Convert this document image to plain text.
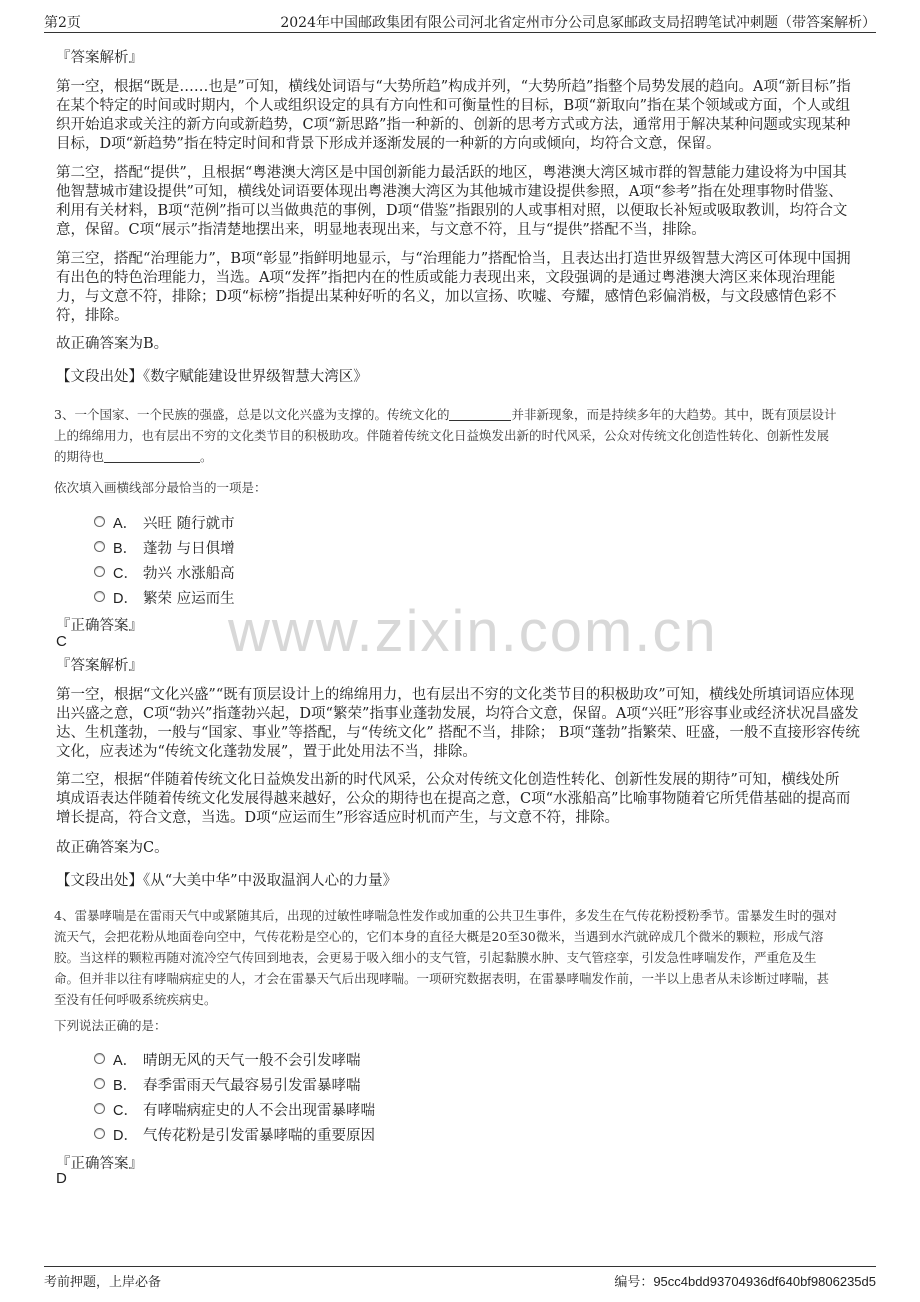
第2页	2024年中国邮政集团有限公司河北省定州市分公司息冢邮政支局招聘笔试冲刺题（带答案解析）
www.zixin.com.cn
『答案解析』
第一空，根据“既是……也是”可知，横线处词语与“大势所趋”构成并列，“大势所趋”指整个局势发展的趋向。A项“新目标”指
在某个特定的时间或时期内，个人或组织设定的具有方向性和可衡量性的目标，B项“新取向”指在某个领域或方面，个人或组
织开始追求或关注的新方向或新趋势，C项“新思路”指一种新的、创新的思考方式或方法，通常用于解决某种问题或实现某种
目标，D项“新趋势”指在特定时间和背景下形成并逐渐发展的一种新的方向或倾向，均符合文意，保留。
第二空，搭配“提供”，且根据“粤港澳大湾区是中国创新能力最活跃的地区，粤港澳大湾区城市群的智慧能力建设将为中国其
他智慧城市建设提供”可知，横线处词语要体现出粤港澳大湾区为其他城市建设提供参照，A项“参考”指在处理事物时借鉴、
利用有关材料，B项“范例”指可以当做典范的事例，D项“借鉴”指跟别的人或事相对照，以便取长补短或吸取教训，均符合文
意，保留。C项“展示”指清楚地摆出来，明显地表现出来，与文意不符，且与“提供”搭配不当，排除。
第三空，搭配“治理能力”，B项“彰显”指鲜明地显示，与“治理能力”搭配恰当，且表达出打造世界级智慧大湾区可体现中国拥
有出色的特色治理能力，当选。A项“发挥”指把内在的性质或能力表现出来，文段强调的是通过粤港澳大湾区来体现治理能
力，与文意不符，排除；D项“标榜”指提出某种好听的名义，加以宣扬、吹嘘、夸耀，感情色彩偏消极，与文段感情色彩不
符，排除。
故正确答案为B。
【文段出处】《数字赋能建设世界级智慧大湾区》
3、一个国家、一个民族的强盛，总是以文化兴盛为支撑的。传统文化的	并非新现象，而是持续多年的大趋势。其中，既有顶层设计
上的绵绵用力，也有层出不穷的文化类节目的积极助攻。伴随着传统文化日益焕发出新的时代风采，公众对传统文化创造性转化、创新性发展
的期待也	。
依次填入画横线部分最恰当的一项是：
A． 兴旺 随行就市
B． 蓬勃 与日俱增
C． 勃兴 水涨船高
D． 繁荣 应运而生
『正确答案』
C
『答案解析』
第一空，根据“文化兴盛”“既有顶层设计上的绵绵用力，也有层出不穷的文化类节目的积极助攻”可知，横线处所填词语应体现
出兴盛之意，C项“勃兴”指蓬勃兴起，D项“繁荣”指事业蓬勃发展，均符合文意，保留。A项“兴旺”形容事业或经济状况昌盛发
达、生机蓬勃，一般与“国家、事业”等搭配，与“传统文化” 搭配不当，排除； B项“蓬勃”指繁荣、旺盛，一般不直接形容传统
文化，应表述为“传统文化蓬勃发展”，置于此处用法不当，排除。
第二空，根据“伴随着传统文化日益焕发出新的时代风采，公众对传统文化创造性转化、创新性发展的期待”可知，横线处所
填成语表达伴随着传统文化发展得越来越好，公众的期待也在提高之意，C项“水涨船高”比喻事物随着它所凭借基础的提高而
增长提高，符合文意，当选。D项“应运而生”形容适应时机而产生，与文意不符，排除。
故正确答案为C。
【文段出处】《从“大美中华”中汲取温润人心的力量》
4、雷暴哮喘是在雷雨天气中或紧随其后，出现的过敏性哮喘急性发作或加重的公共卫生事件，多发生在气传花粉授粉季节。雷暴发生时的强对
流天气，会把花粉从地面卷向空中，气传花粉是空心的，它们本身的直径大概是20至30微米，当遇到水汽就碎成几个微米的颗粒，形成气溶
胶。当这样的颗粒再随对流冷空气传回到地表，会更易于吸入细小的支气管，引起黏膜水肿、支气管痉挛，引发急性哮喘发作，严重危及生
命。但并非以往有哮喘病症史的人，才会在雷暴天气后出现哮喘。一项研究数据表明，在雷暴哮喘发作前，一半以上患者从未诊断过哮喘，甚
至没有任何呼吸系统疾病史。
下列说法正确的是：
A． 晴朗无风的天气一般不会引发哮喘
B． 春季雷雨天气最容易引发雷暴哮喘
C． 有哮喘病症史的人不会出现雷暴哮喘
D． 气传花粉是引发雷暴哮喘的重要原因
『正确答案』
D
考前押题，上岸必备	编号：95cc4bdd93704936df640bf9806235d5
